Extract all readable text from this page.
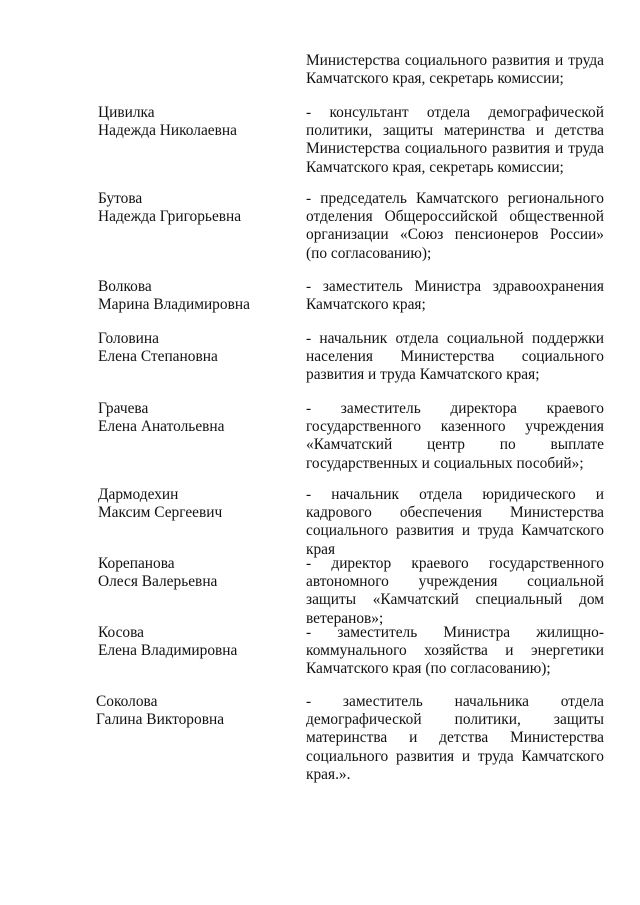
Министерства социального развития и труда Камчатского края, секретарь комиссии;
Цивилка
Надежда Николаевна
- консультант отдела демографической политики, защиты материнства и детства Министерства социального развития и труда Камчатского края, секретарь комиссии;
Бутова
Надежда Григорьевна
- председатель Камчатского регионального отделения Общероссийской общественной организации «Союз пенсионеров России» (по согласованию);
Волкова
Марина Владимировна
- заместитель Министра здравоохранения Камчатского края;
Головина
Елена Степановна
- начальник отдела социальной поддержки населения Министерства социального развития и труда Камчатского края;
Грачева
Елена Анатольевна
- заместитель директора краевого государственного казенного учреждения «Камчатский центр по выплате государственных и социальных пособий»;
Дармодехин
Максим Сергеевич
- начальник отдела юридического и кадрового обеспечения Министерства социального развития и труда Камчатского края
Корепанова
Олеся Валерьевна
- директор краевого государственного автономного учреждения социальной защиты «Камчатский специальный дом ветеранов»;
Косова
Елена Владимировна
- заместитель Министра жилищно-коммунального хозяйства и энергетики Камчатского края (по согласованию);
Соколова
Галина Викторовна
- заместитель начальника отдела демографической политики, защиты материнства и детства Министерства социального развития и труда Камчатского края.».
